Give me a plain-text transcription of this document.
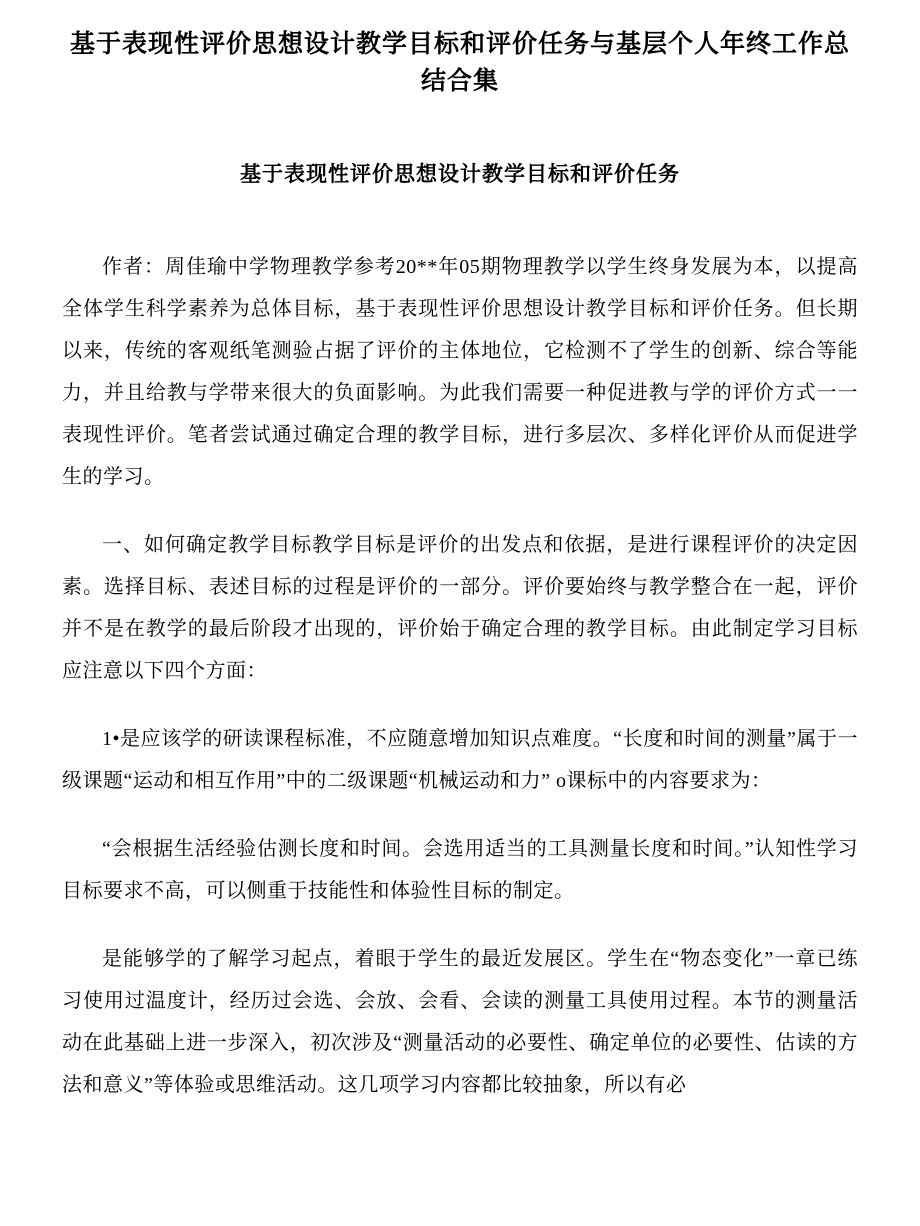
基于表现性评价思想设计教学目标和评价任务与基层个人年终工作总结合集
基于表现性评价思想设计教学目标和评价任务

作者：周佳瑜中学物理教学参考20**年05期物理教学以学生终身发展为本，以提高全体学生科学素养为总体目标，基于表现性评价思想设计教学目标和评价任务。但长期以来，传统的客观纸笔测验占据了评价的主体地位，它检测不了学生的创新、综合等能力，并且给教与学带来很大的负面影响。为此我们需要一种促进教与学的评价方式一一表现性评价。笔者尝试通过确定合理的教学目标，进行多层次、多样化评价从而促进学生的学习。

一、如何确定教学目标教学目标是评价的出发点和依据，是进行课程评价的决定因素。选择目标、表述目标的过程是评价的一部分。评价要始终与教学整合在一起，评价并不是在教学的最后阶段才出现的，评价始于确定合理的教学目标。由此制定学习目标应注意以下四个方面：

1•是应该学的研读课程标准，不应随意增加知识点难度。“长度和时间的测量”属于一级课题“运动和相互作用”中的二级课题“机械运动和力” o课标中的内容要求为：

“会根据生活经验估测长度和时间。会选用适当的工具测量长度和时间。”认知性学习目标要求不高，可以侧重于技能性和体验性目标的制定。

是能够学的了解学习起点，着眼于学生的最近发展区。学生在“物态变化”一章已练习使用过温度计，经历过会选、会放、会看、会读的测量工具使用过程。本节的测量活动在此基础上进一步深入，初次涉及“测量活动的必要性、确定单位的必要性、估读的方法和意义”等体验或思维活动。这几项学习内容都比较抽象，所以有必
